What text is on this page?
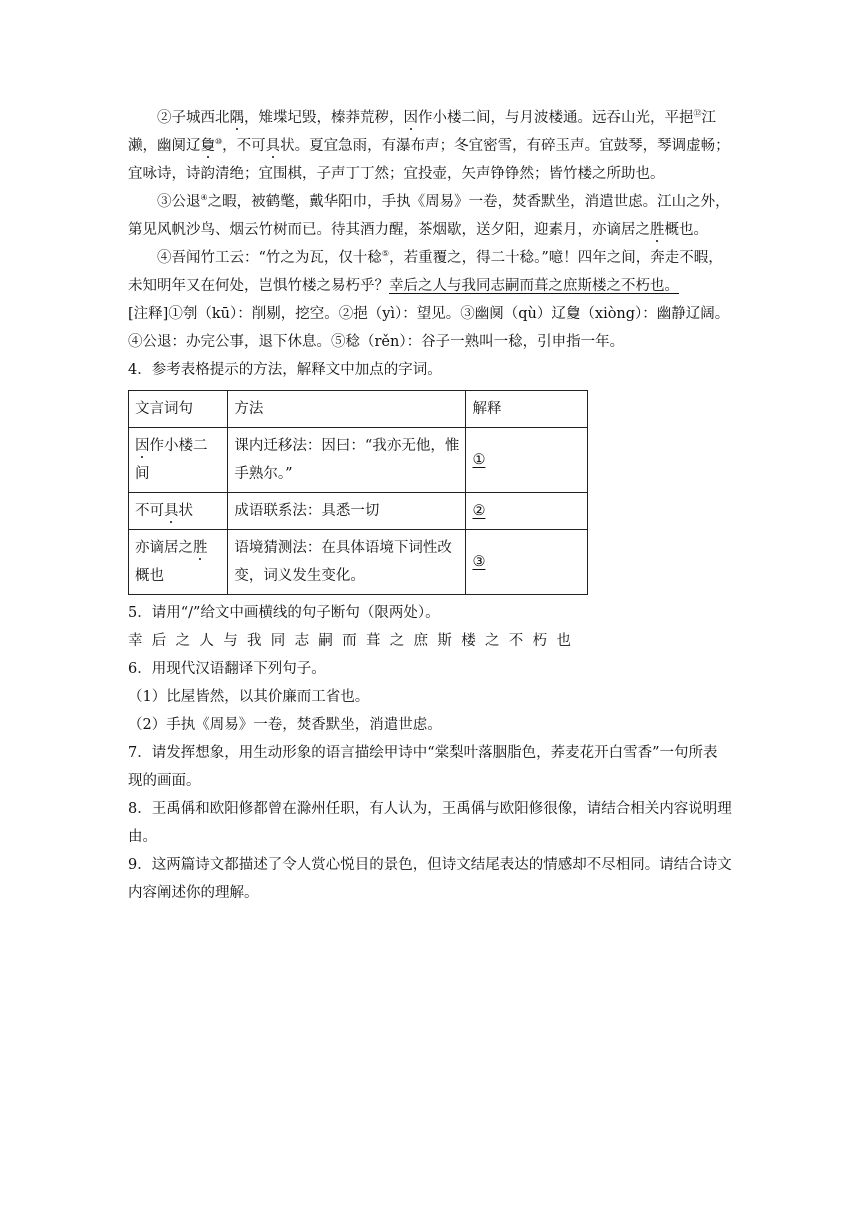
②子城西北隅，雉堞圮毁，榛莽荒秽，因作小楼二间，与月波楼通。远吞山光，平挹⑫江濑，幽阒辽敻⑩，不可具状。夏宜急雨，有瀑布声；冬宜密雪，有碎玉声。宜鼓琴，琴调虚畅；宜咏诗，诗韵清绝；宜围棋，子声丁丁然；宜投壶，矢声铮铮然；皆竹楼之所助也。

③公退④之暇，被鹤氅，戴华阳巾，手执《周易》一卷，焚香默坐，消遣世虑。江山之外，第见风帆沙鸟、烟云竹树而已。待其酒力醒，茶烟歇，送夕阳，迎素月，亦谪居之胜概也。

④吾闻竹工云：“竹之为瓦，仅十稔⑤，若重覆之，得二十稔。”噫！四年之间，奔走不暇，未知明年又在何处，岂惧竹楼之易朽乎？幸后之人与我同志嗣而葺之庶斯楼之不朽也。

[注释]①刳（kū）：削剔，挖空。②挹（yì）：望见。③幽阒（qù）辽敻（xiòng）：幽静辽阔。④公退：办完公事，退下休息。⑤稔（rěn）：谷子一熟叫一稔，引申指一年。

4．参考表格提示的方法，解释文中加点的字词。

文言词句	方法	解释
因作小楼二间	课内迁移法：因曰：“我亦无他，惟手熟尔。”	①
不可具状	成语联系法：具悉一切	②
亦谪居之胜概也	语境猜测法：在具体语境下词性改变，词义发生变化。	③

5．请用“/”给文中画横线的句子断句（限两处）。

幸后之人与我同志嗣而葺之庶斯楼之不朽也

6．用现代汉语翻译下列句子。

（1）比屋皆然，以其价廉而工省也。

（2）手执《周易》一卷，焚香默坐，消遣世虑。

7．请发挥想象，用生动形象的语言描绘甲诗中“棠梨叶落胭脂色，荞麦花开白雪香”一句所表现的画面。

8．王禹偁和欧阳修都曾在滁州任职，有人认为，王禹偁与欧阳修很像，请结合相关内容说明理由。

9．这两篇诗文都描述了令人赏心悦目的景色，但诗文结尾表达的情感却不尽相同。请结合诗文内容阐述你的理解。
